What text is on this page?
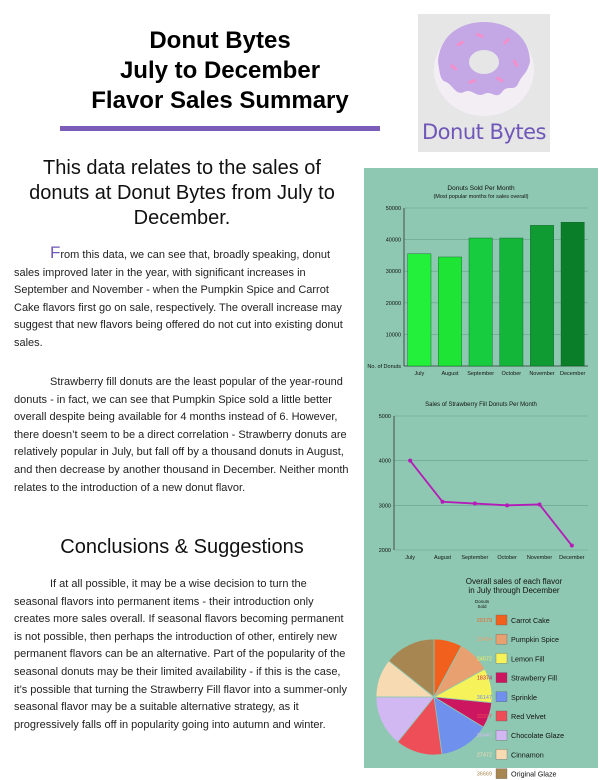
Donut Bytes
July to December
Flavor Sales Summary
Donut Bytes
This data relates to the sales of donuts at Donut Bytes from July to December.
From this data, we can see that, broadly speaking, donut sales improved later in the year, with significant increases in September and November - when the Pumpkin Spice and Carrot Cake flavors first go on sale, respectively. The overall increase may suggest that new flavors being offered do not cut into existing donut sales.
Strawberry fill donuts are the least popular of the year-round donuts - in fact, we can see that Pumpkin Spice sold a little better overall despite being available for 4 months instead of 6. However, there doesn’t seem to be a direct correlation - Strawberry donuts are relatively popular in July, but fall off by a thousand donuts in August, and then decrease by another thousand in December. Neither month relates to the introduction of a new donut flavor.
Conclusions & Suggestions
If at all possible, it may be a wise decision to turn the seasonal flavors into permanent items - their introduction only creates more sales overall. If seasonal flavors becoming permanent is not possible, then perhaps the introduction of other, entirely new permanent flavors can be an alternative. Part of the popularity of the seasonal donuts may be their limited availability - if this is the case, it’s possible that turning the Strawberry Fill flavor into a summer-only seasonal flavor may be a suitable alternative strategy, as it progressively falls off in popularity going into autumn and winter.
Donuts Sold Per Month
(Most popular months for sales overall)
50000
40000
30000
20000
10000
No. of Donuts
July	August September October November December
Sales of Strawberry Fill Donuts Per Month
5000
4000
3000
2000
July	August September October November December
Overall sales of each flavor
in July through December
Donuts
Sold
20179	Carrot Cake
23454	Pumpkin Spice
24572	Lemon Fill
18374	Strawberry Fill
36147	Sprinkle
33377	Red Velvet
36447	Chocolate Glaze
27472	Cinnamon
36669	Original Glaze
